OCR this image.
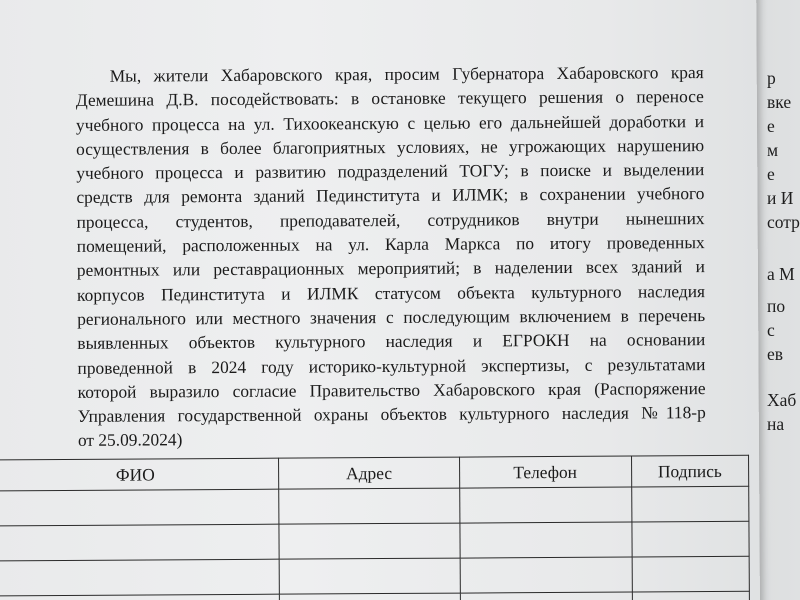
р
вке
е
м
е
и И
сотр
а М
по
с
ев
Хаб
на
Мы, жители Хабаровского края, просим Губернатора Хабаровского края
Демешина Д.В. посодействовать: в остановке текущего решения о переносе
учебного процесса на ул. Тихоокеанскую с целью его дальнейшей доработки и
осуществления в более благоприятных условиях, не угрожающих нарушению
учебного процесса и развитию подразделений ТОГУ; в поиске и выделении
средств для ремонта зданий Пединститута и ИЛМК; в сохранении учебного
процесса, студентов, преподавателей, сотрудников внутри нынешних
помещений, расположенных на ул. Карла Маркса по итогу проведенных
ремонтных или реставрационных мероприятий; в наделении всех зданий и
корпусов Пединститута и ИЛМК статусом объекта культурного наследия
регионального или местного значения с последующим включением в перечень
выявленных объектов культурного наследия и ЕГРОКН на основании
проведенной в 2024 году историко-культурной экспертизы, с результатами
которой выразило согласие Правительство Хабаровского края (Распоряжение
Управления государственной охраны объектов культурного наследия №118-р
от 25.09.2024)
ФИО	Адрес	Телефон	Подпись
